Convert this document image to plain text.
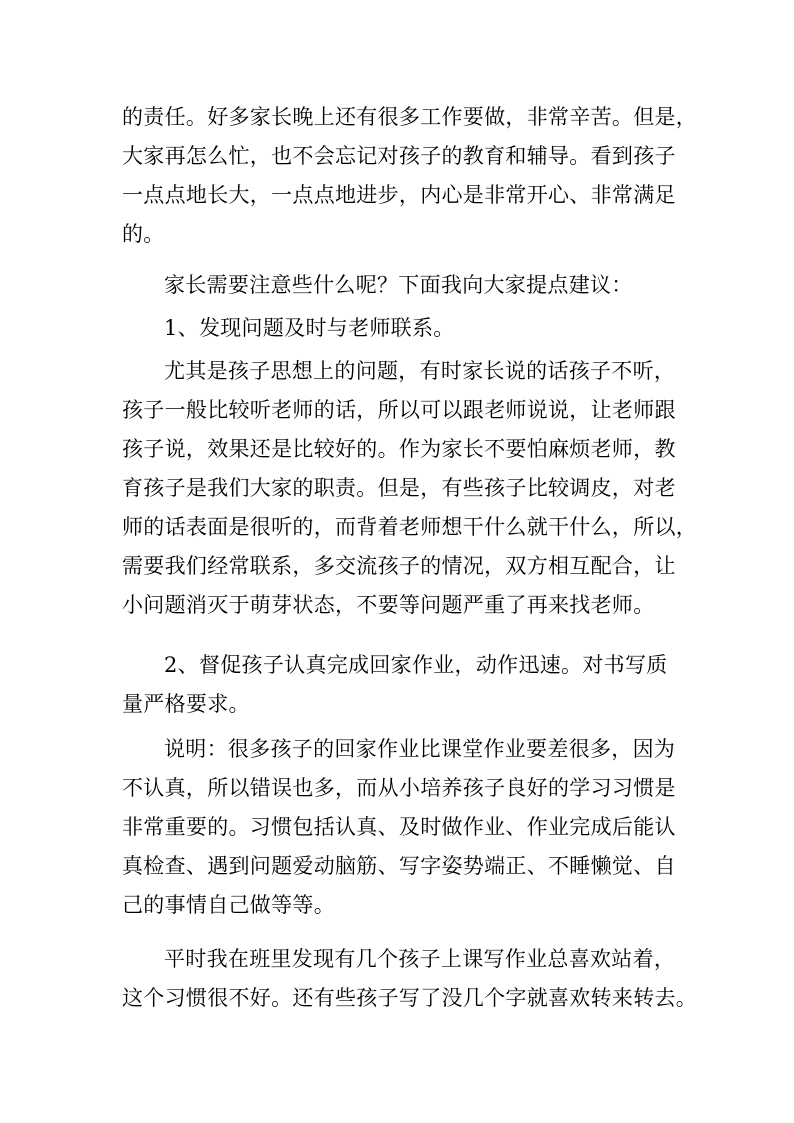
的责任。好多家长晚上还有很多工作要做，非常辛苦。但是，
大家再怎么忙，也不会忘记对孩子的教育和辅导。看到孩子
一点点地长大，一点点地进步，内心是非常开心、非常满足
的。
家长需要注意些什么呢？下面我向大家提点建议：
1、发现问题及时与老师联系。
尤其是孩子思想上的问题，有时家长说的话孩子不听，
孩子一般比较听老师的话，所以可以跟老师说说，让老师跟
孩子说，效果还是比较好的。作为家长不要怕麻烦老师，教
育孩子是我们大家的职责。但是，有些孩子比较调皮，对老
师的话表面是很听的，而背着老师想干什么就干什么，所以，
需要我们经常联系，多交流孩子的情况，双方相互配合，让
小问题消灭于萌芽状态，不要等问题严重了再来找老师。
2、督促孩子认真完成回家作业，动作迅速。对书写质
量严格要求。
说明：很多孩子的回家作业比课堂作业要差很多，因为
不认真，所以错误也多，而从小培养孩子良好的学习习惯是
非常重要的。习惯包括认真、及时做作业、作业完成后能认
真检查、遇到问题爱动脑筋、写字姿势端正、不睡懒觉、自
己的事情自己做等等。
平时我在班里发现有几个孩子上课写作业总喜欢站着，
这个习惯很不好。还有些孩子写了没几个字就喜欢转来转去。
